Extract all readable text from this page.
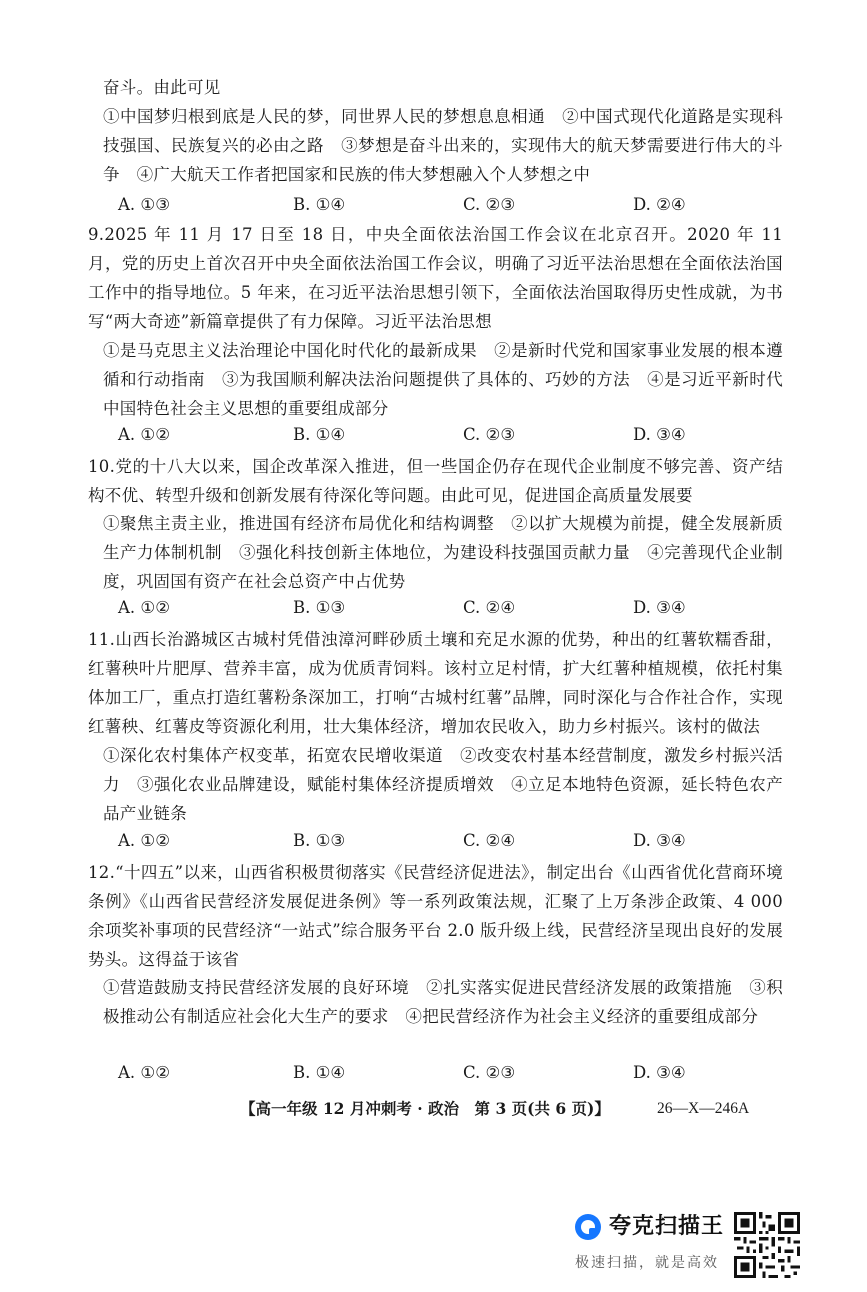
奋斗。由此可见
①中国梦归根到底是人民的梦，同世界人民的梦想息息相通　②中国式现代化道路是实现科技强国、民族复兴的必由之路　③梦想是奋斗出来的，实现伟大的航天梦需要进行伟大的斗争　④广大航天工作者把国家和民族的伟大梦想融入个人梦想之中
A. ①③	B. ①④	C. ②③	D. ②④
9.2025 年 11 月 17 日至 18 日，中央全面依法治国工作会议在北京召开。2020 年 11 月，党的历史上首次召开中央全面依法治国工作会议，明确了习近平法治思想在全面依法治国工作中的指导地位。5 年来，在习近平法治思想引领下，全面依法治国取得历史性成就，为书写“两大奇迹”新篇章提供了有力保障。习近平法治思想
①是马克思主义法治理论中国化时代化的最新成果　②是新时代党和国家事业发展的根本遵循和行动指南　③为我国顺利解决法治问题提供了具体的、巧妙的方法　④是习近平新时代中国特色社会主义思想的重要组成部分
A. ①②	B. ①④	C. ②③	D. ③④
10.党的十八大以来，国企改革深入推进，但一些国企仍存在现代企业制度不够完善、资产结构不优、转型升级和创新发展有待深化等问题。由此可见，促进国企高质量发展要
①聚焦主责主业，推进国有经济布局优化和结构调整　②以扩大规模为前提，健全发展新质生产力体制机制　③强化科技创新主体地位，为建设科技强国贡献力量　④完善现代企业制度，巩固国有资产在社会总资产中占优势
A. ①②	B. ①③	C. ②④	D. ③④
11.山西长治潞城区古城村凭借浊漳河畔砂质土壤和充足水源的优势，种出的红薯软糯香甜，红薯秧叶片肥厚、营养丰富，成为优质青饲料。该村立足村情，扩大红薯种植规模，依托村集体加工厂，重点打造红薯粉条深加工，打响“古城村红薯”品牌，同时深化与合作社合作，实现红薯秧、红薯皮等资源化利用，壮大集体经济，增加农民收入，助力乡村振兴。该村的做法
①深化农村集体产权变革，拓宽农民增收渠道　②改变农村基本经营制度，激发乡村振兴活力　③强化农业品牌建设，赋能村集体经济提质增效　④立足本地特色资源，延长特色农产品产业链条
A. ①②	B. ①③	C. ②④	D. ③④
12.“十四五”以来，山西省积极贯彻落实《民营经济促进法》，制定出台《山西省优化营商环境条例》《山西省民营经济发展促进条例》等一系列政策法规，汇聚了上万条涉企政策、4 000 余项奖补事项的民营经济“一站式”综合服务平台 2.0 版升级上线，民营经济呈现出良好的发展势头。这得益于该省
①营造鼓励支持民营经济发展的良好环境　②扎实落实促进民营经济发展的政策措施　③积极推动公有制适应社会化大生产的要求　④把民营经济作为社会主义经济的重要组成部分
A. ①②	B. ①④	C. ②③	D. ③④
【高一年级 12 月冲刺考 · 政治　第 3 页(共 6 页)】	26—X—246A
夸克扫描王
极速扫描，就是高效
